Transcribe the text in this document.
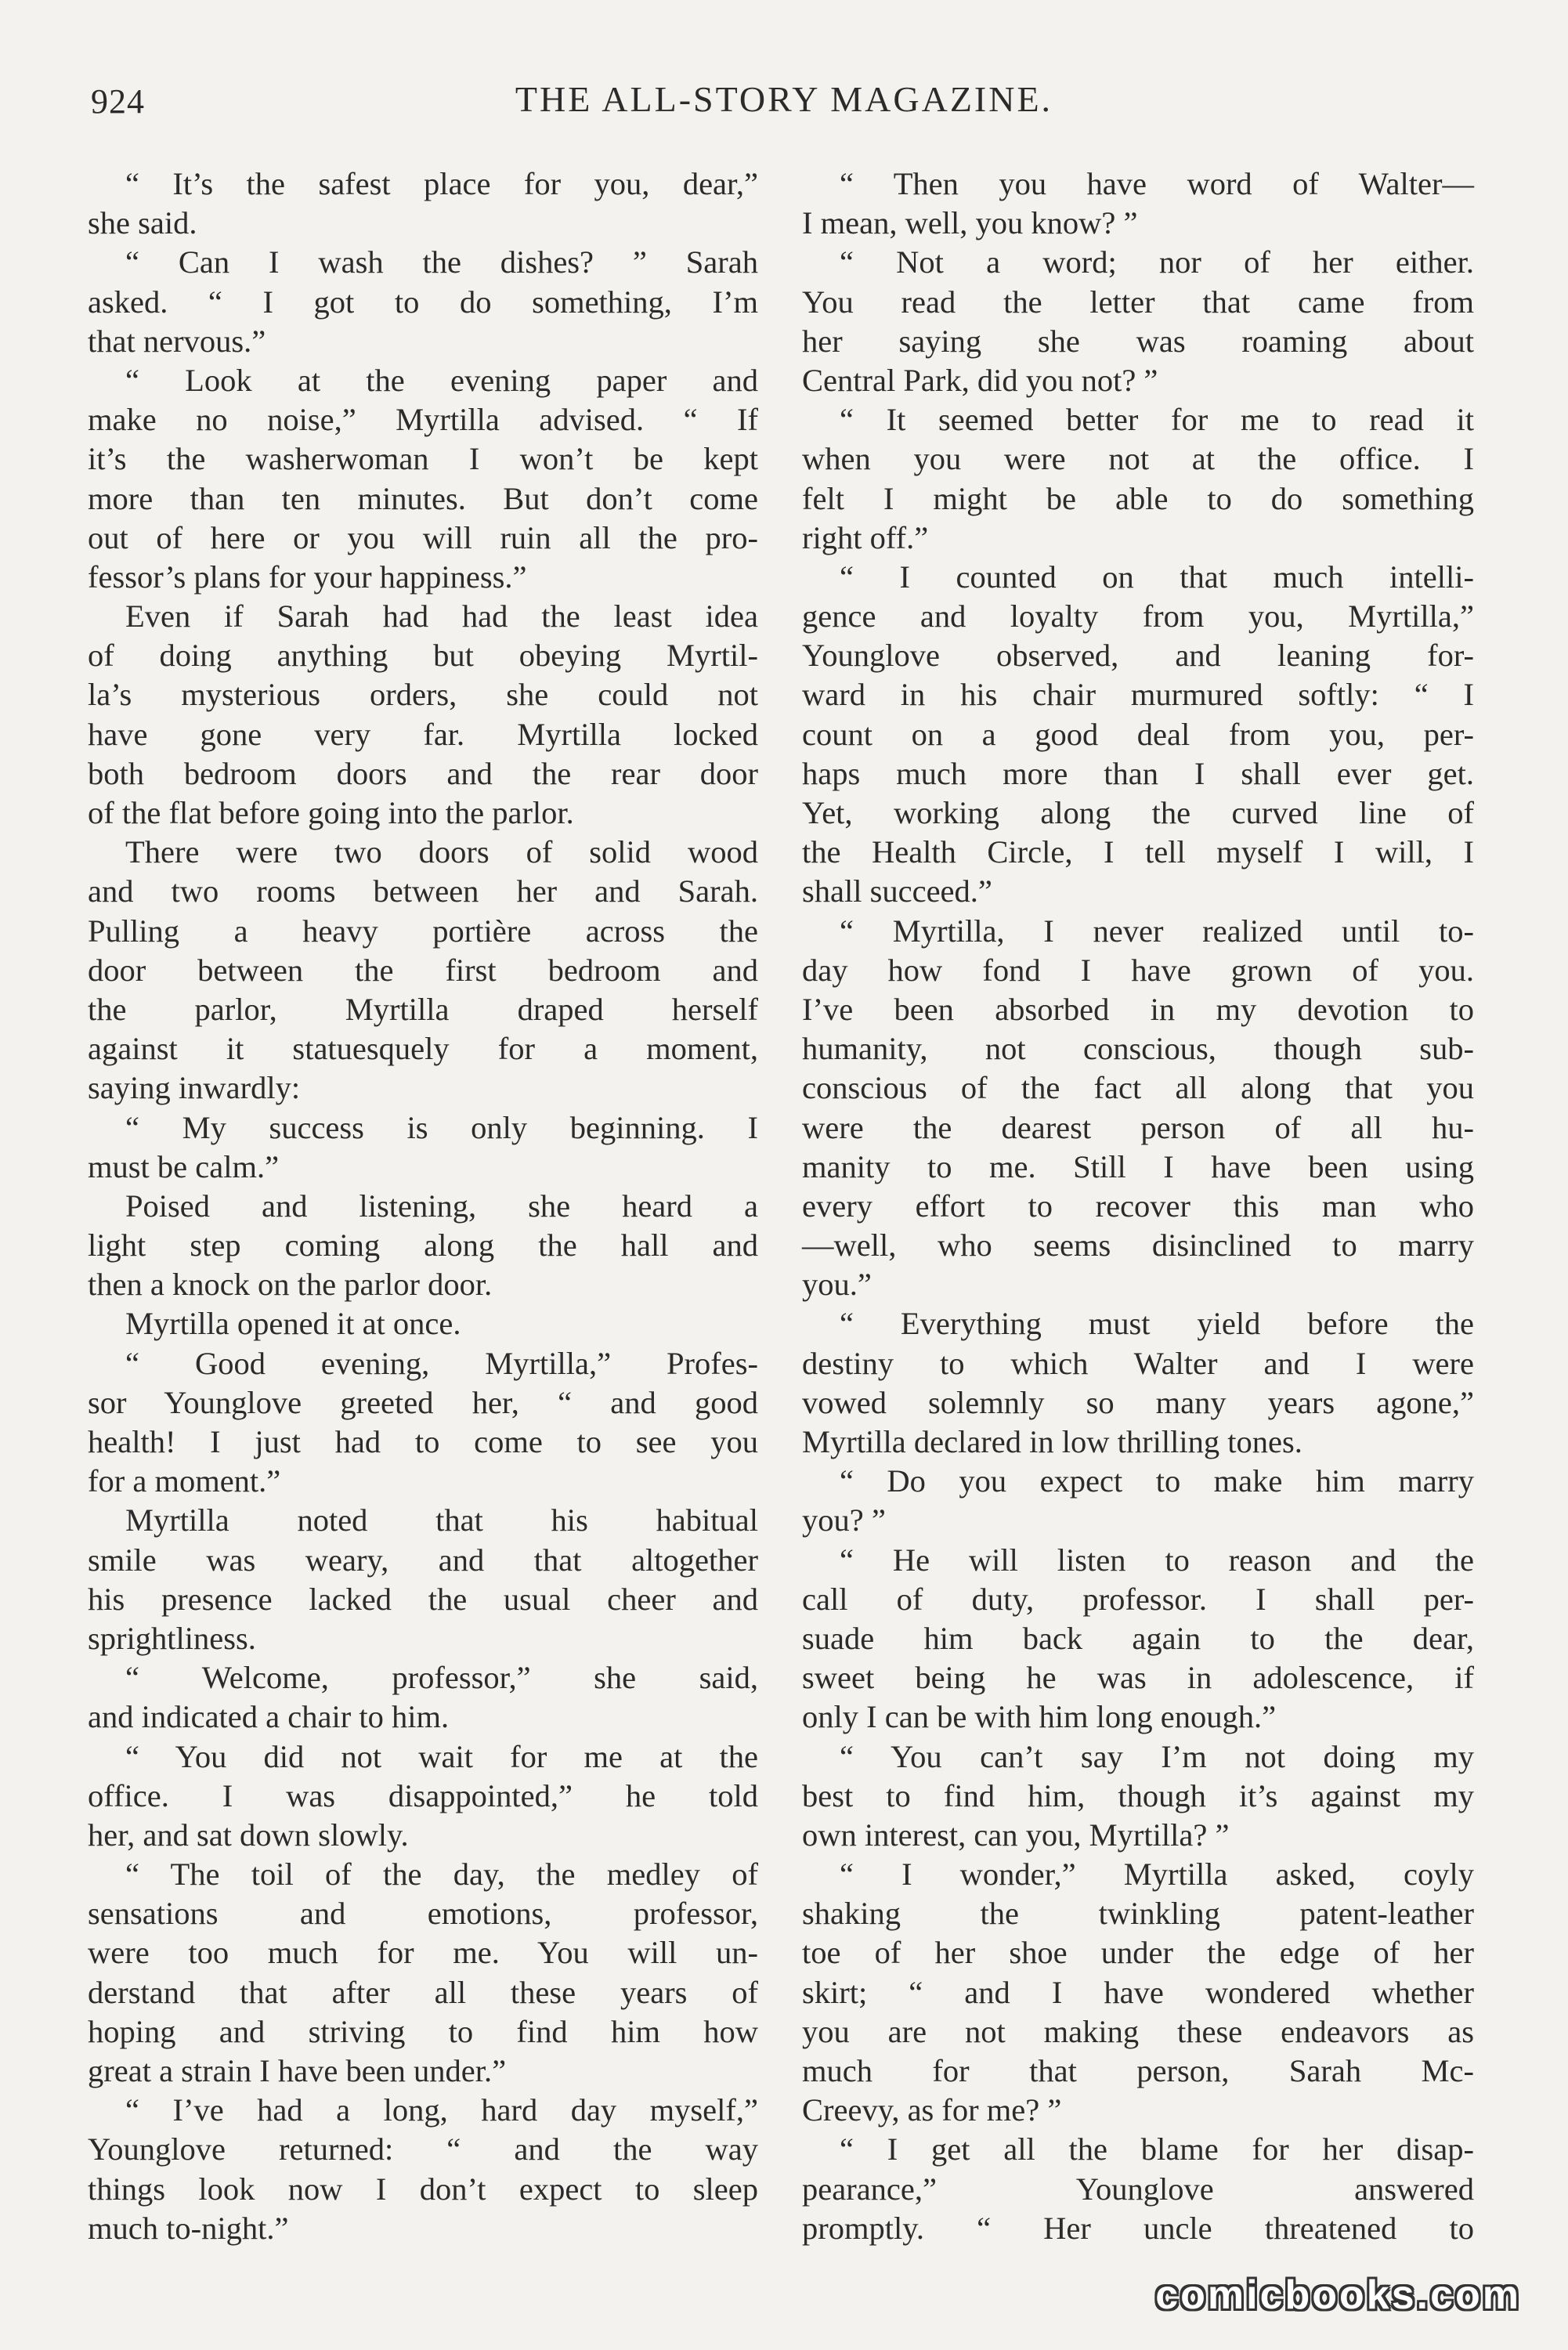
924	THE ALL-STORY MAGAZINE.
“ It’s the safest place for you, dear,”
she said.
“ Can I wash the dishes? ” Sarah
asked. “ I got to do something, I’m
that nervous.”
“ Look at the evening paper and
make no noise,” Myrtilla advised. “ If
it’s the washerwoman I won’t be kept
more than ten minutes. But don’t come
out of here or you will ruin all the pro-
fessor’s plans for your happiness.”
Even if Sarah had had the least idea
of doing anything but obeying Myrtil-
la’s mysterious orders, she could not
have gone very far. Myrtilla locked
both bedroom doors and the rear door
of the flat before going into the parlor.
There were two doors of solid wood
and two rooms between her and Sarah.
Pulling a heavy portière across the
door between the first bedroom and
the parlor, Myrtilla draped herself
against it statuesquely for a moment,
saying inwardly:
“ My success is only beginning. I
must be calm.”
Poised and listening, she heard a
light step coming along the hall and
then a knock on the parlor door.
Myrtilla opened it at once.
“ Good evening, Myrtilla,” Profes-
sor Younglove greeted her, “ and good
health! I just had to come to see you
for a moment.”
Myrtilla noted that his habitual
smile was weary, and that altogether
his presence lacked the usual cheer and
sprightliness.
“ Welcome, professor,” she said,
and indicated a chair to him.
“ You did not wait for me at the
office. I was disappointed,” he told
her, and sat down slowly.
“ The toil of the day, the medley of
sensations and emotions, professor,
were too much for me. You will un-
derstand that after all these years of
hoping and striving to find him how
great a strain I have been under.”
“ I’ve had a long, hard day myself,”
Younglove returned: “ and the way
things look now I don’t expect to sleep
much to-night.”
“ Then you have word of Walter—
I mean, well, you know? ”
“ Not a word; nor of her either.
You read the letter that came from
her saying she was roaming about
Central Park, did you not? ”
“ It seemed better for me to read it
when you were not at the office. I
felt I might be able to do something
right off.”
“ I counted on that much intelli-
gence and loyalty from you, Myrtilla,”
Younglove observed, and leaning for-
ward in his chair murmured softly: “ I
count on a good deal from you, per-
haps much more than I shall ever get.
Yet, working along the curved line of
the Health Circle, I tell myself I will, I
shall succeed.”
“ Myrtilla, I never realized until to-
day how fond I have grown of you.
I’ve been absorbed in my devotion to
humanity, not conscious, though sub-
conscious of the fact all along that you
were the dearest person of all hu-
manity to me. Still I have been using
every effort to recover this man who
—well, who seems disinclined to marry
you.”
“ Everything must yield before the
destiny to which Walter and I were
vowed solemnly so many years agone,”
Myrtilla declared in low thrilling tones.
“ Do you expect to make him marry
you? ”
“ He will listen to reason and the
call of duty, professor. I shall per-
suade him back again to the dear,
sweet being he was in adolescence, if
only I can be with him long enough.”
“ You can’t say I’m not doing my
best to find him, though it’s against my
own interest, can you, Myrtilla? ”
“ I wonder,” Myrtilla asked, coyly
shaking the twinkling patent-leather
toe of her shoe under the edge of her
skirt; “ and I have wondered whether
you are not making these endeavors as
much for that person, Sarah Mc-
Creevy, as for me? ”
“ I get all the blame for her disap-
pearance,” Younglove answered
promptly. “ Her uncle threatened to
comicbooks.com
